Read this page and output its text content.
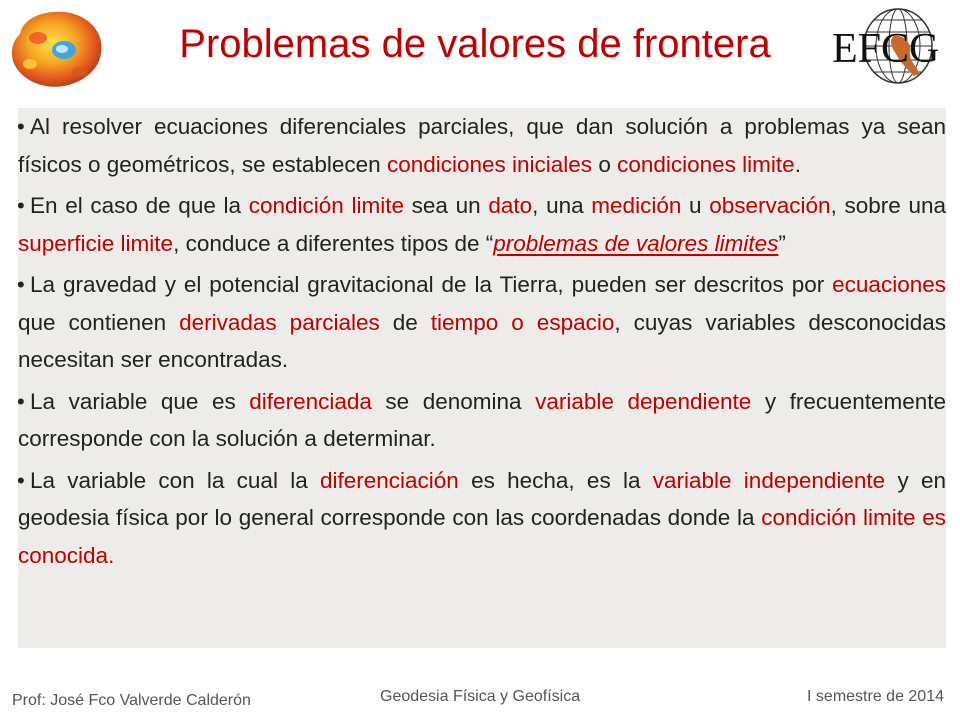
Problemas de valores de frontera	EFCG
• Al resolver ecuaciones diferenciales parciales, que dan solución a problemas ya sean físicos o geométricos, se establecen condiciones iniciales o condiciones limite.
• En el caso de que la condición limite sea un dato, una medición u observación, sobre una superficie limite, conduce a diferentes tipos de “problemas de valores limites”
• La gravedad y el potencial gravitacional de la Tierra, pueden ser descritos por ecuaciones que contienen derivadas parciales de tiempo o espacio, cuyas variables desconocidas necesitan ser encontradas.
• La variable que es diferenciada se denomina variable dependiente y frecuentemente corresponde con la solución a determinar.
• La variable con la cual la diferenciación es hecha, es la variable independiente y en geodesia física por lo general corresponde con las coordenadas donde la condición limite es conocida.
Prof: José Fco Valverde Calderón	Geodesia Física y Geofísica	I semestre de 2014
